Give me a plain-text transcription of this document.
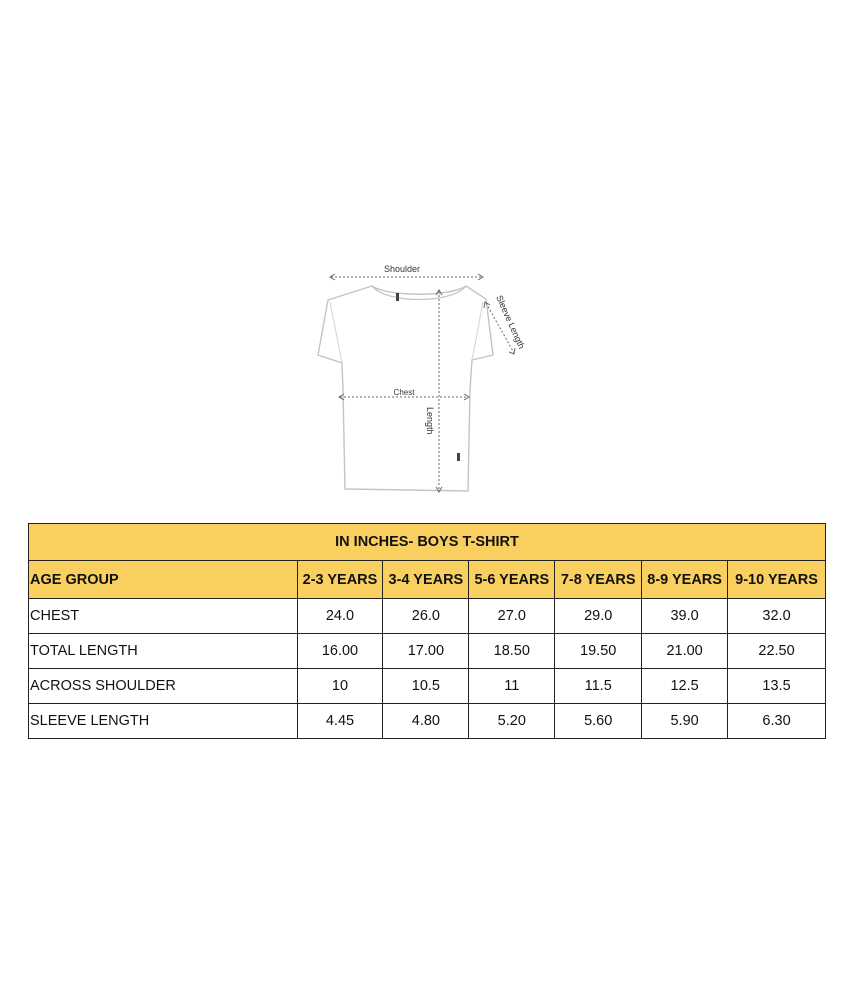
Shoulder
Sleeve Length
Chest
Length
IN INCHES- BOYS T-SHIRT						
AGE GROUP	2-3 YEARS	3-4 YEARS	5-6 YEARS	7-8 YEARS	8-9 YEARS	9-10 YEARS
CHEST	24.0	26.0	27.0	29.0	39.0	32.0
TOTAL LENGTH	16.00	17.00	18.50	19.50	21.00	22.50
ACROSS SHOULDER	10	10.5	11	11.5	12.5	13.5
SLEEVE LENGTH	4.45	4.80	5.20	5.60	5.90	6.30
